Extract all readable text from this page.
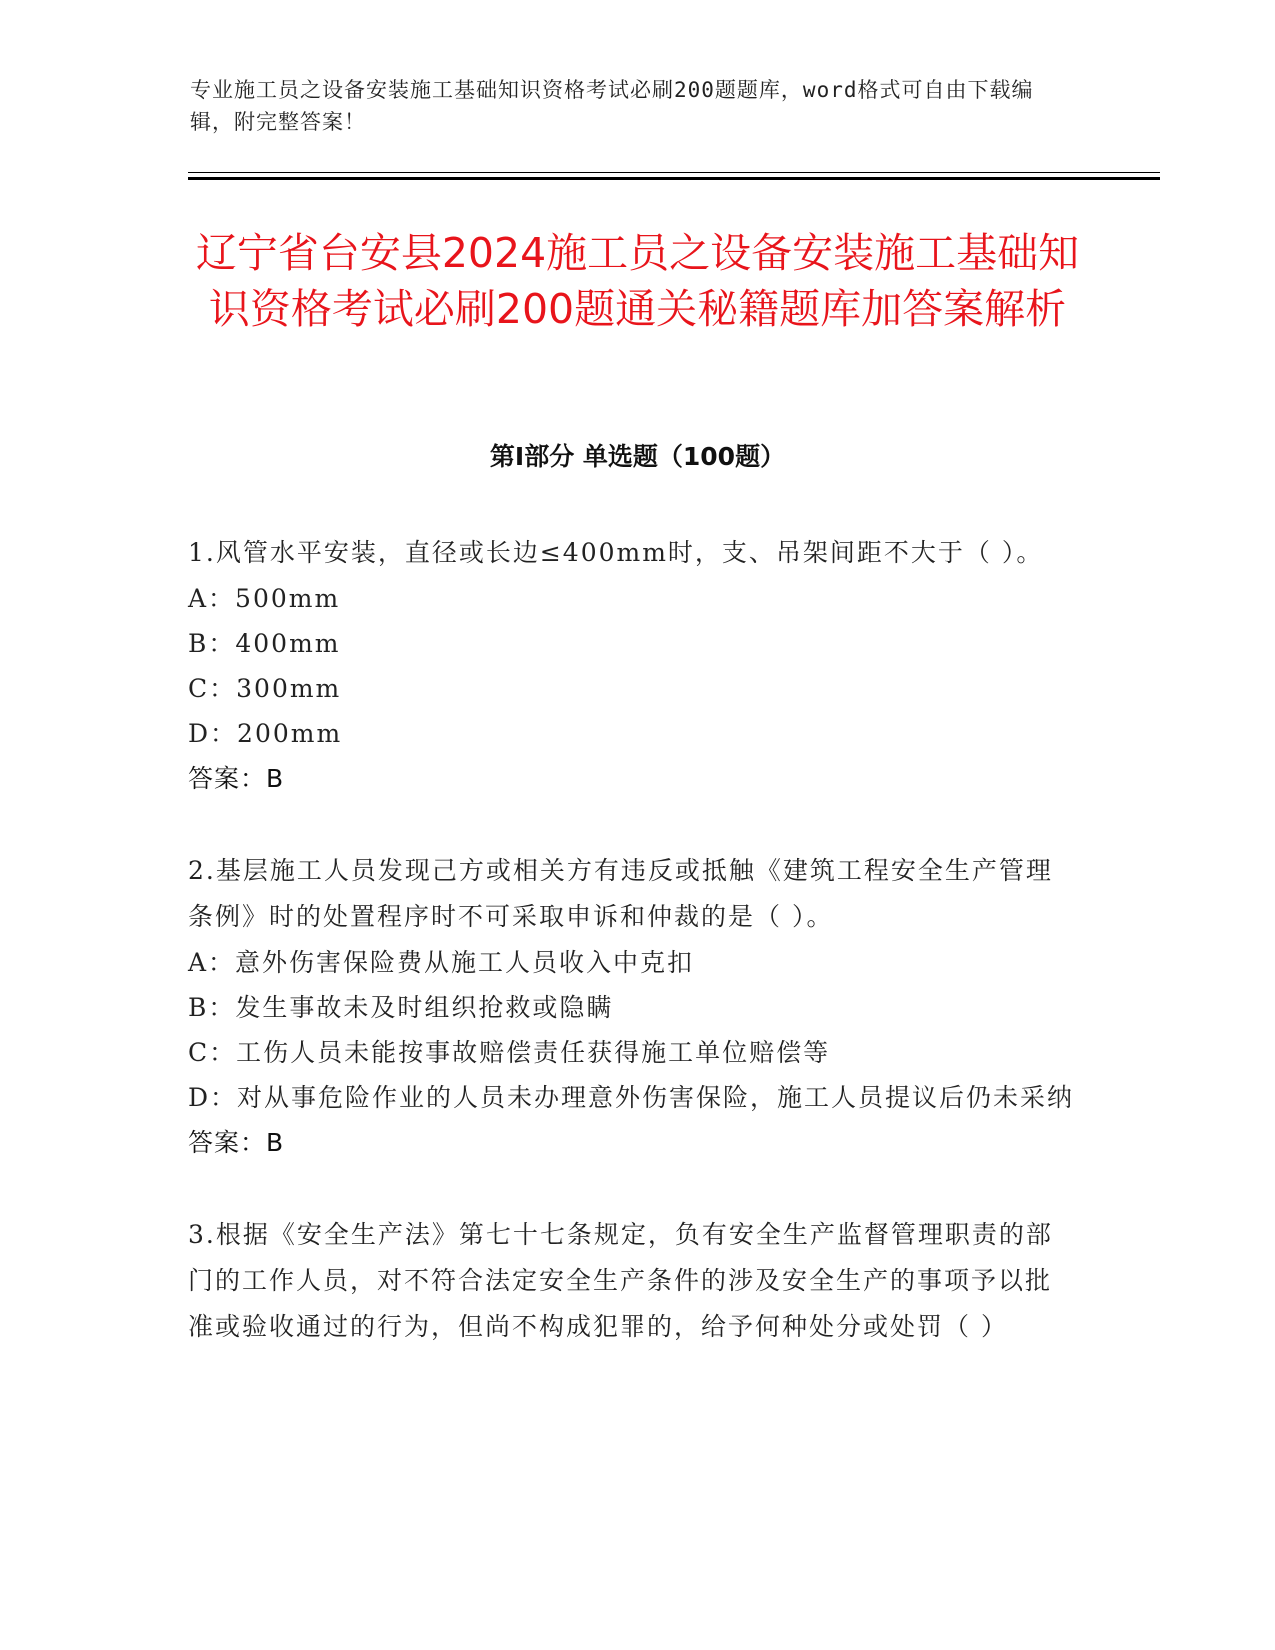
专业施工员之设备安装施工基础知识资格考试必刷200题题库，word格式可自由下载编辑，附完整答案！
辽宁省台安县2024施工员之设备安装施工基础知识资格考试必刷200题通关秘籍题库加答案解析
第Ⅰ部分 单选题（100题）

1.风管水平安装，直径或长边≤400mm时，支、吊架间距不大于（ ）。

A：500mm

B：400mm

C：300mm

D：200mm

答案：B

2.基层施工人员发现己方或相关方有违反或抵触《建筑工程安全生产管理条例》时的处置程序时不可采取申诉和仲裁的是（ ）。

A：意外伤害保险费从施工人员收入中克扣

B：发生事故未及时组织抢救或隐瞒

C：工伤人员未能按事故赔偿责任获得施工单位赔偿等

D：对从事危险作业的人员未办理意外伤害保险，施工人员提议后仍未采纳

答案：B

3.根据《安全生产法》第七十七条规定，负有安全生产监督管理职责的部门的工作人员，对不符合法定安全生产条件的涉及安全生产的事项予以批准或验收通过的行为，但尚不构成犯罪的，给予何种处分或处罚（ ）
